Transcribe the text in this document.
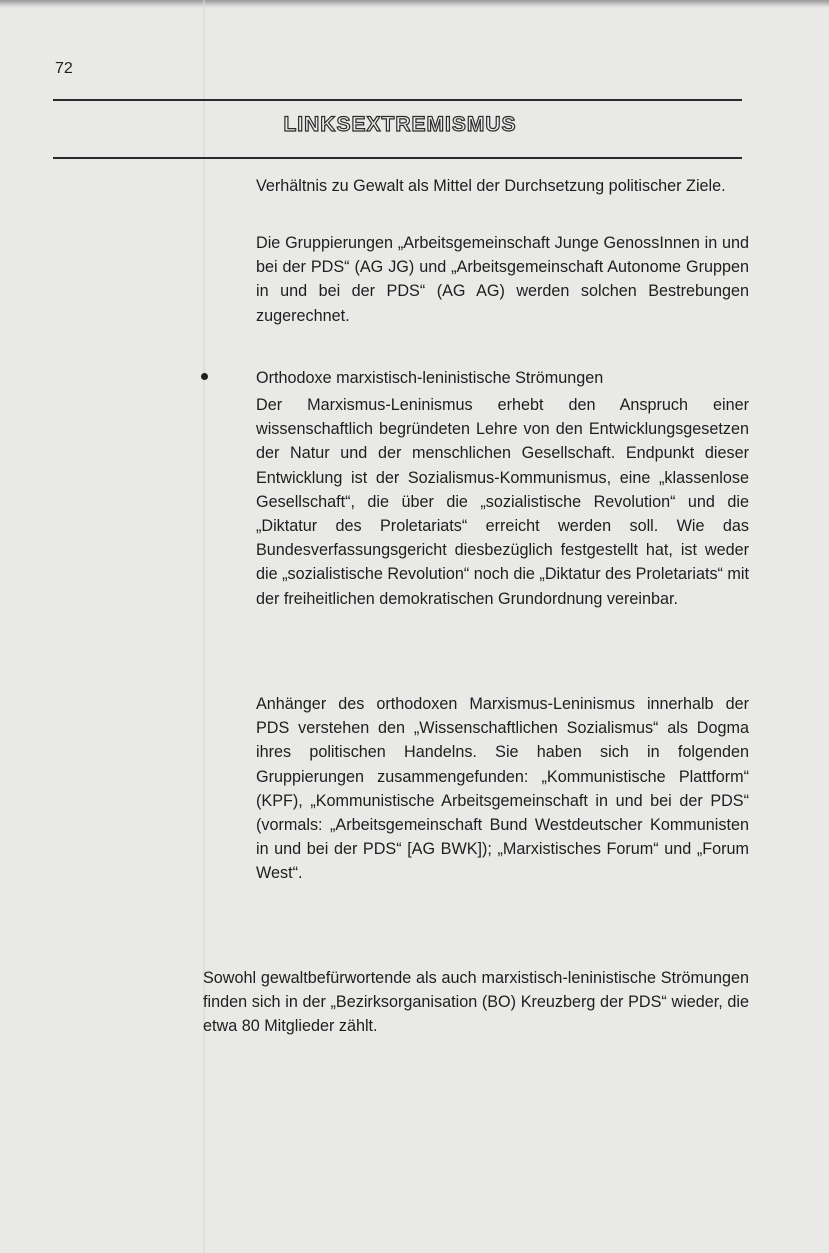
72
LINKSEXTREMISMUS
Verhältnis zu Gewalt als Mittel der Durchsetzung politischer Ziele.
Die Gruppierungen „Arbeitsgemeinschaft Junge GenossInnen in und bei der PDS“ (AG JG) und „Arbeitsgemeinschaft Autonome Gruppen in und bei der PDS“ (AG AG) werden solchen Bestrebungen zugerechnet.
Orthodoxe marxistisch-leninistische Strömungen
Der Marxismus-Leninismus erhebt den Anspruch einer wissenschaftlich begründeten Lehre von den Entwicklungsgesetzen der Natur und der menschlichen Gesellschaft. Endpunkt dieser Entwicklung ist der Sozialismus-Kommunismus, eine „klassenlose Gesellschaft“, die über die „sozialistische Revolution“ und die „Diktatur des Proletariats“ erreicht werden soll. Wie das Bundesverfassungsgericht diesbezüglich festgestellt hat, ist weder die „sozialistische Revolution“ noch die „Diktatur des Proletariats“ mit der freiheitlichen demokratischen Grundordnung vereinbar.
Anhänger des orthodoxen Marxismus-Leninismus innerhalb der PDS verstehen den „Wissenschaftlichen Sozialismus“ als Dogma ihres politischen Handelns. Sie haben sich in folgenden Gruppierungen zusammengefunden: „Kommunistische Plattform“ (KPF), „Kommunistische Arbeitsgemeinschaft in und bei der PDS“ (vormals: „Arbeitsgemeinschaft Bund Westdeutscher Kommunisten in und bei der PDS“ [AG BWK]); „Marxistisches Forum“ und „Forum West“.
Sowohl gewaltbefürwortende als auch marxistisch-leninistische Strömungen finden sich in der „Bezirksorganisation (BO) Kreuzberg der PDS“ wieder, die etwa 80 Mitglieder zählt.
